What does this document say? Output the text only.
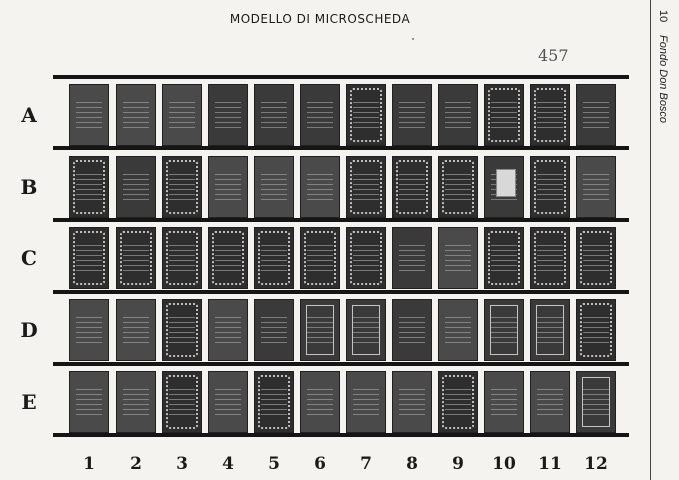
MODELLO DI MICROSCHEDA
457
10 Fondo Don Bosco
A
B
C
D
E
1	2	3	4	5	6	7	8	9	10	11	12
